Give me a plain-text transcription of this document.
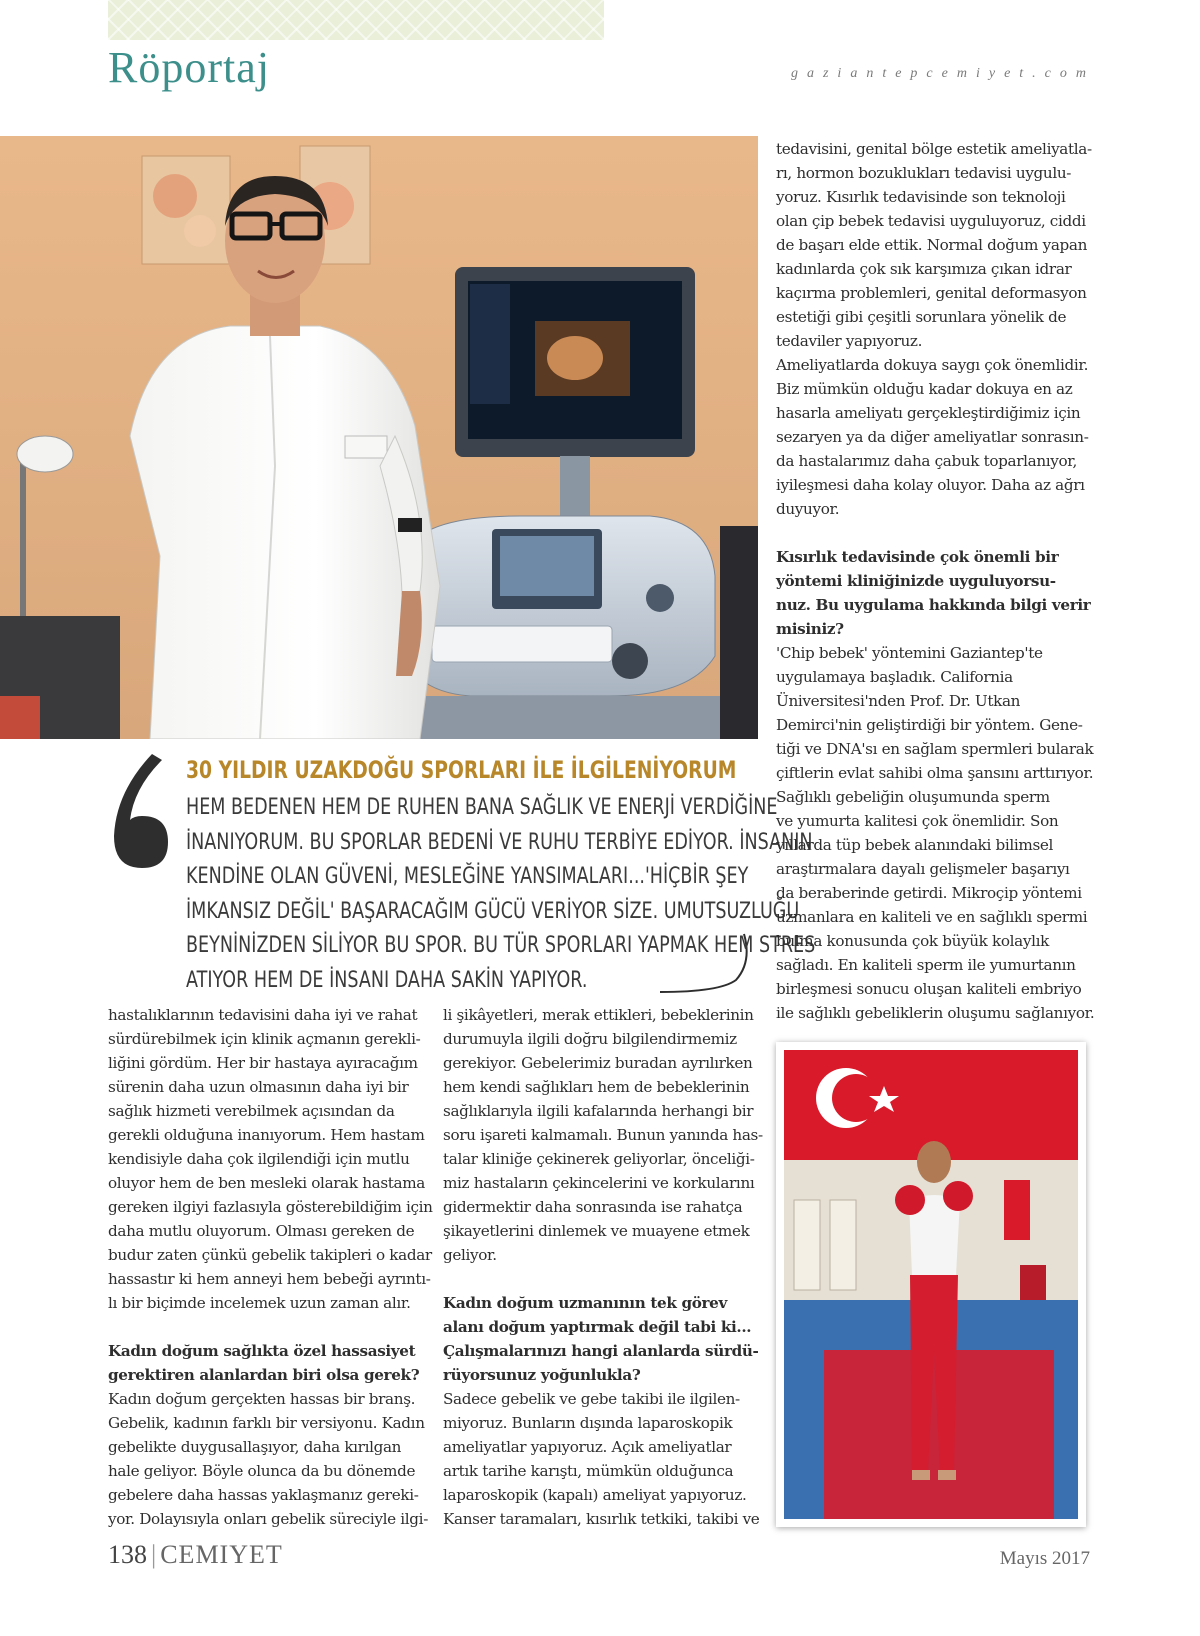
Röportaj	gaziantepcemiyet.com
30 YILDIR UZAKDOĞU SPORLARI İLE İLGİLENİYORUM
HEM BEDENEN HEM DE RUHEN BANA SAĞLIK VE ENERJİ VERDİĞİNE
İNANIYORUM. BU SPORLAR BEDENİ VE RUHU TERBİYE EDİYOR. İNSANIN
KENDİNE OLAN GÜVENİ, MESLEĞİNE YANSIMALARI...'HİÇBİR ŞEY
İMKANSIZ DEĞİL' BAŞARACAĞIM GÜCÜ VERİYOR SİZE. UMUTSUZLUĞU
BEYNİNİZDEN SİLİYOR BU SPOR. BU TÜR SPORLARI YAPMAK HEM STRES
ATIYOR HEM DE İNSANI DAHA SAKİN YAPIYOR.
hastalıklarının tedavisini daha iyi ve rahat
sürdürebilmek için klinik açmanın gerekli-
liğini gördüm. Her bir hastaya ayıracağım
sürenin daha uzun olmasının daha iyi bir
sağlık hizmeti verebilmek açısından da
gerekli olduğuna inanıyorum. Hem hastam
kendisiyle daha çok ilgilendiği için mutlu
oluyor hem de ben mesleki olarak hastama
gereken ilgiyi fazlasıyla gösterebildiğim için
daha mutlu oluyorum. Olması gereken de
budur zaten çünkü gebelik takipleri o kadar
hassastır ki hem anneyi hem bebeği ayrıntı-
lı bir biçimde incelemek uzun zaman alır.
Kadın doğum sağlıkta özel hassasiyet
gerektiren alanlardan biri olsa gerek?
Kadın doğum gerçekten hassas bir branş.
Gebelik, kadının farklı bir versiyonu. Kadın
gebelikte duygusallaşıyor, daha kırılgan
hale geliyor. Böyle olunca da bu dönemde
gebelere daha hassas yaklaşmanız gereki-
yor. Dolayısıyla onları gebelik süreciyle ilgi-
li şikâyetleri, merak ettikleri, bebeklerinin
durumuyla ilgili doğru bilgilendirmemiz
gerekiyor. Gebelerimiz buradan ayrılırken
hem kendi sağlıkları hem de bebeklerinin
sağlıklarıyla ilgili kafalarında herhangi bir
soru işareti kalmamalı. Bunun yanında has-
talar kliniğe çekinerek geliyorlar, önceliği-
miz hastaların çekincelerini ve korkularını
gidermektir daha sonrasında ise rahatça
şikayetlerini dinlemek ve muayene etmek
geliyor.
Kadın doğum uzmanının tek görev
alanı doğum yaptırmak değil tabi ki...
Çalışmalarınızı hangi alanlarda sürdü-
rüyorsunuz yoğunlukla?
Sadece gebelik ve gebe takibi ile ilgilen-
miyoruz. Bunların dışında laparoskopik
ameliyatlar yapıyoruz. Açık ameliyatlar
artık tarihe karıştı, mümkün olduğunca
laparoskopik (kapalı) ameliyat yapıyoruz.
Kanser taramaları, kısırlık tetkiki, takibi ve
tedavisini, genital bölge estetik ameliyatla-
rı, hormon bozuklukları tedavisi uygulu-
yoruz. Kısırlık tedavisinde son teknoloji
olan çip bebek tedavisi uyguluyoruz, ciddi
de başarı elde ettik. Normal doğum yapan
kadınlarda çok sık karşımıza çıkan idrar
kaçırma problemleri, genital deformasyon
estetiği gibi çeşitli sorunlara yönelik de
tedaviler yapıyoruz.
Ameliyatlarda dokuya saygı çok önemlidir.
Biz mümkün olduğu kadar dokuya en az
hasarla ameliyatı gerçekleştirdiğimiz için
sezaryen ya da diğer ameliyatlar sonrasın-
da hastalarımız daha çabuk toparlanıyor,
iyileşmesi daha kolay oluyor. Daha az ağrı
duyuyor.
Kısırlık tedavisinde çok önemli bir
yöntemi kliniğinizde uyguluyorsu-
nuz. Bu uygulama hakkında bilgi verir
misiniz?
'Chip bebek' yöntemini Gaziantep'te
uygulamaya başladık. California
Üniversitesi'nden Prof. Dr. Utkan
Demirci'nin geliştirdiği bir yöntem. Gene-
tiği ve DNA'sı en sağlam spermleri bularak
çiftlerin evlat sahibi olma şansını arttırıyor.
Sağlıklı gebeliğin oluşumunda sperm
ve yumurta kalitesi çok önemlidir. Son
yıllarda tüp bebek alanındaki bilimsel
araştırmalara dayalı gelişmeler başarıyı
da beraberinde getirdi. Mikroçip yöntemi
uzmanlara en kaliteli ve en sağlıklı spermi
bulma konusunda çok büyük kolaylık
sağladı. En kaliteli sperm ile yumurtanın
birleşmesi sonucu oluşan kaliteli embriyo
ile sağlıklı gebeliklerin oluşumu sağlanıyor.
138 | CEMIYET	Mayıs 2017
